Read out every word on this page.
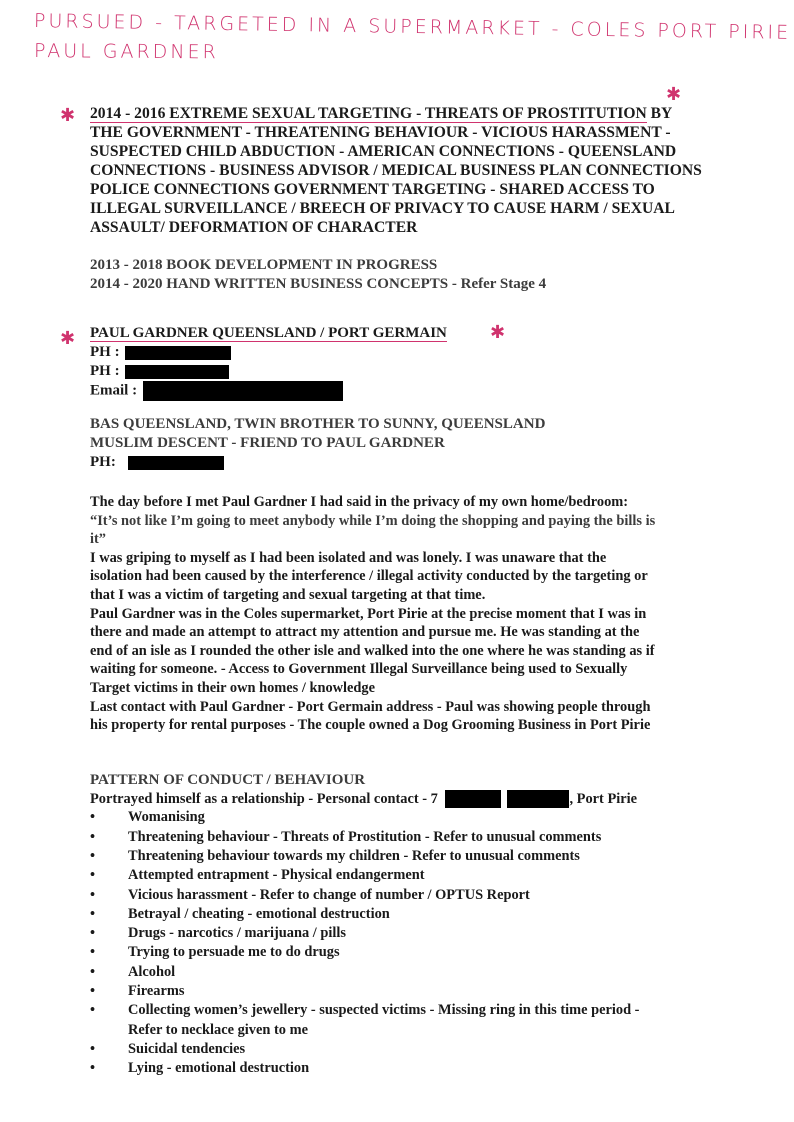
PURSUED - TARGETED IN A SUPERMARKET - COLES PORT PIRIE
PAUL GARDNER
✱
✱
✱	✱
2014 - 2016 EXTREME SEXUAL TARGETING - THREATS OF PROSTITUTION BY
THE GOVERNMENT - THREATENING BEHAVIOUR - VICIOUS HARASSMENT -
SUSPECTED CHILD ABDUCTION - AMERICAN CONNECTIONS - QUEENSLAND
CONNECTIONS - BUSINESS ADVISOR / MEDICAL BUSINESS PLAN CONNECTIONS
POLICE CONNECTIONS GOVERNMENT TARGETING - SHARED ACCESS TO
ILLEGAL SURVEILLANCE / BREECH OF PRIVACY TO CAUSE HARM / SEXUAL
ASSAULT/ DEFORMATION OF CHARACTER

2013 - 2018 BOOK DEVELOPMENT IN PROGRESS

2014 - 2020 HAND WRITTEN BUSINESS CONCEPTS - Refer Stage 4

PAUL GARDNER QUEENSLAND / PORT GERMAIN

PH :

PH :

Email :

BAS QUEENSLAND, TWIN BROTHER TO SUNNY, QUEENSLAND

MUSLIM DESCENT - FRIEND TO PAUL GARDNER

PH:

The day before I met Paul Gardner I had said in the privacy of my own home/bedroom:

“It’s not like I’m going to meet anybody while I’m doing the shopping and paying the bills is

it”

I was griping to myself as I had been isolated and was lonely. I was unaware that the

isolation had been caused by the interference / illegal activity conducted by the targeting or

that I was a victim of targeting and sexual targeting at that time.

Paul Gardner was in the Coles supermarket, Port Pirie at the precise moment that I was in

there and made an attempt to attract my attention and pursue me. He was standing at the

end of an isle as I rounded the other isle and walked into the one where he was standing as if

waiting for someone. - Access to Government Illegal Surveillance being used to Sexually

Target victims in their own homes / knowledge

Last contact with Paul Gardner - Port Germain address - Paul was showing people through

his property for rental purposes - The couple owned a Dog Grooming Business in Port Pirie

PATTERN OF CONDUCT / BEHAVIOUR

Portrayed himself as a relationship - Personal contact - 7	, Port Pirie

•	Womanising
•	Threatening behaviour - Threats of Prostitution - Refer to unusual comments
•	Threatening behaviour towards my children - Refer to unusual comments
•	Attempted entrapment - Physical endangerment
•	Vicious harassment - Refer to change of number / OPTUS Report
•	Betrayal / cheating - emotional destruction
•	Drugs - narcotics / marijuana / pills
•	Trying to persuade me to do drugs
•	Alcohol
•	Firearms
•	Collecting women’s jewellery - suspected victims - Missing ring in this time period -
Refer to necklace given to me
•	Suicidal tendencies
•	Lying - emotional destruction
